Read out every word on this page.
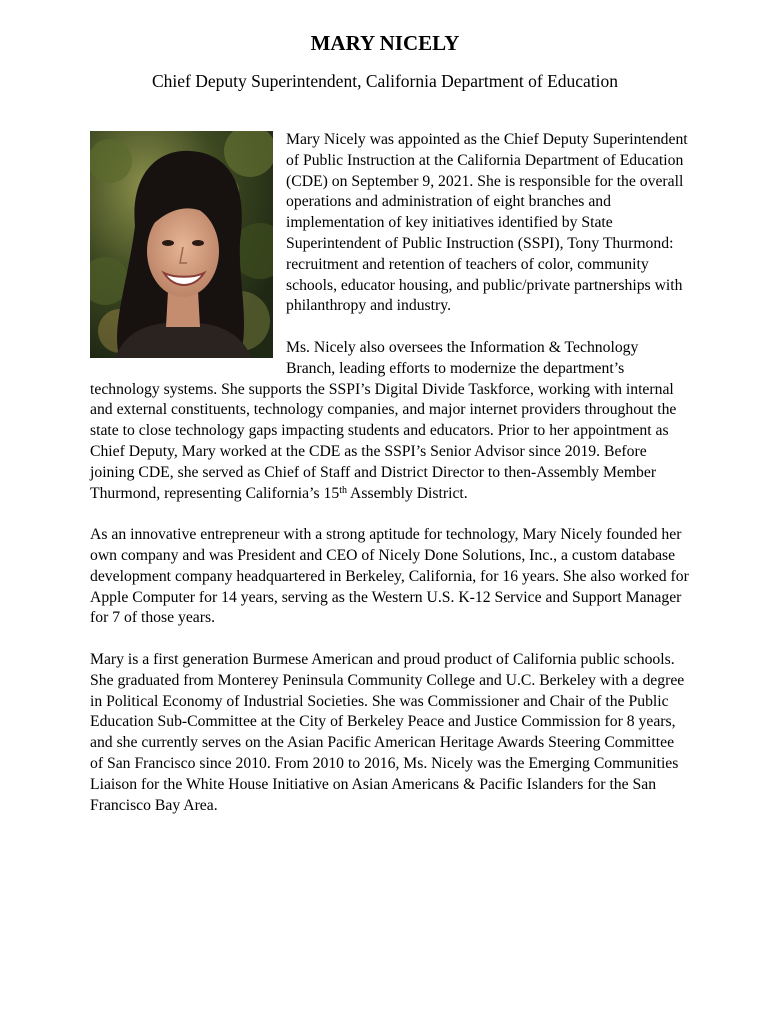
MARY NICELY
Chief Deputy Superintendent, California Department of Education

Mary Nicely was appointed as the Chief Deputy Superintendent of Public Instruction at the California Department of Education (CDE) on September 9, 2021. She is responsible for the overall operations and administration of eight branches and implementation of key initiatives identified by State Superintendent of Public Instruction (SSPI), Tony Thurmond: recruitment and retention of teachers of color, community schools, educator housing, and public/private partnerships with philanthropy and industry.

Ms. Nicely also oversees the Information & Technology Branch, leading efforts to modernize the department’s technology systems. She supports the SSPI’s Digital Divide Taskforce, working with internal and external constituents, technology companies, and major internet providers throughout the state to close technology gaps impacting students and educators. Prior to her appointment as Chief Deputy, Mary worked at the CDE as the SSPI’s Senior Advisor since 2019. Before joining CDE, she served as Chief of Staff and District Director to then-Assembly Member Thurmond, representing California’s 15th Assembly District.

As an innovative entrepreneur with a strong aptitude for technology, Mary Nicely founded her own company and was President and CEO of Nicely Done Solutions, Inc., a custom database development company headquartered in Berkeley, California, for 16 years. She also worked for Apple Computer for 14 years, serving as the Western U.S. K-12 Service and Support Manager for 7 of those years.

Mary is a first generation Burmese American and proud product of California public schools. She graduated from Monterey Peninsula Community College and U.C. Berkeley with a degree in Political Economy of Industrial Societies. She was Commissioner and Chair of the Public Education Sub-Committee at the City of Berkeley Peace and Justice Commission for 8 years, and she currently serves on the Asian Pacific American Heritage Awards Steering Committee of San Francisco since 2010. From 2010 to 2016, Ms. Nicely was the Emerging Communities Liaison for the White House Initiative on Asian Americans & Pacific Islanders for the San Francisco Bay Area.
